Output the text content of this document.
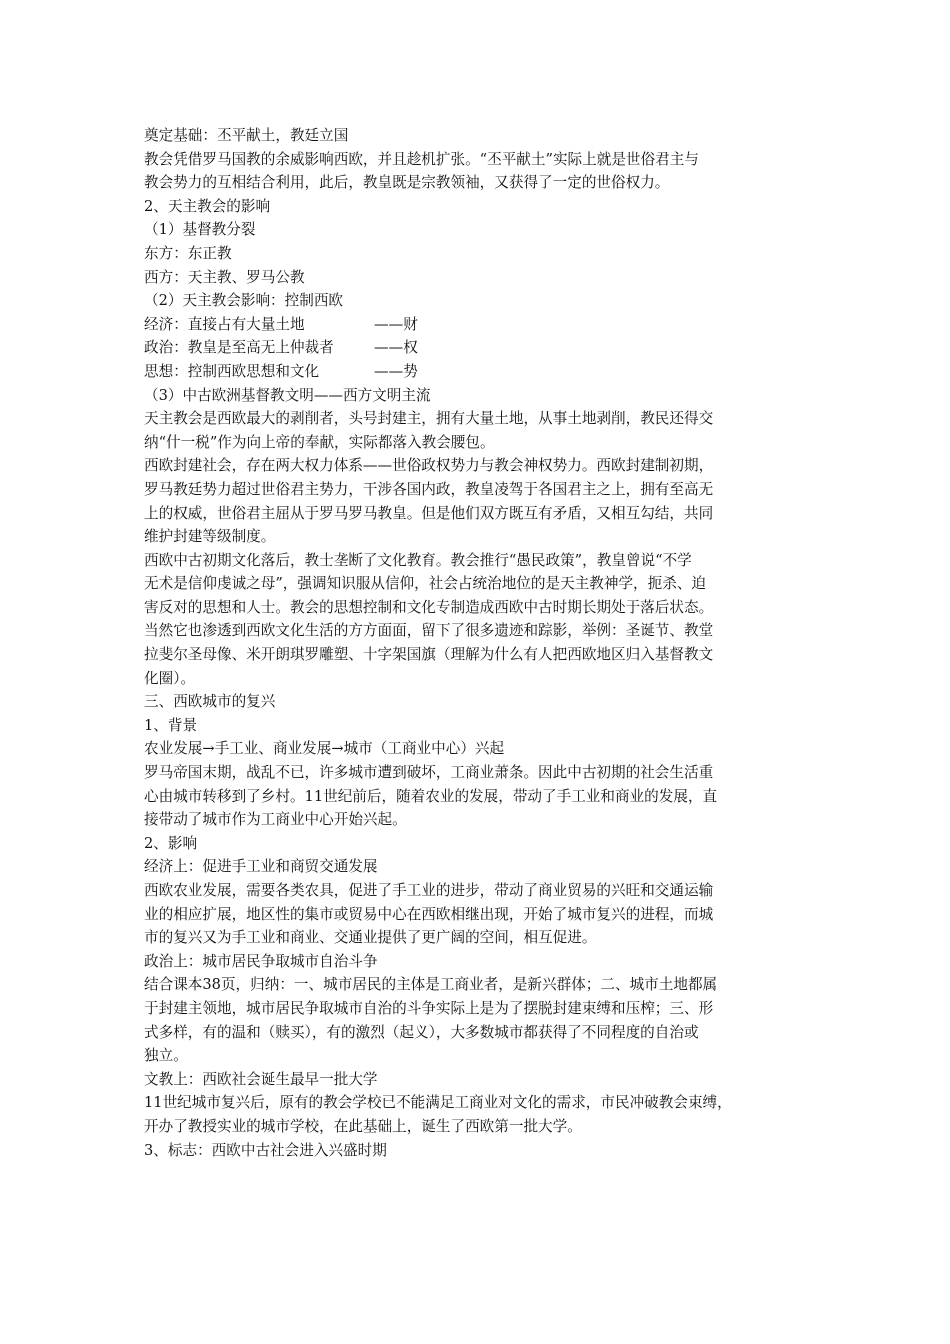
奠定基础：丕平献土，教廷立国

教会凭借罗马国教的余威影响西欧，并且趁机扩张。“丕平献土”实际上就是世俗君主与

教会势力的互相结合利用，此后，教皇既是宗教领袖，又获得了一定的世俗权力。

2、天主教会的影响

（1）基督教分裂

东方：东正教

西方：天主教、罗马公教

（2）天主教会影响：控制西欧

经济：直接占有大量土地	——财
政治：教皇是至高无上仲裁者	——权
思想：控制西欧思想和文化	——势

（3）中古欧洲基督教文明——西方文明主流

天主教会是西欧最大的剥削者，头号封建主，拥有大量土地，从事土地剥削，教民还得交

纳“什一税”作为向上帝的奉献，实际都落入教会腰包。

西欧封建社会，存在两大权力体系——世俗政权势力与教会神权势力。西欧封建制初期，

罗马教廷势力超过世俗君主势力，干涉各国内政，教皇凌驾于各国君主之上，拥有至高无

上的权威，世俗君主屈从于罗马罗马教皇。但是他们双方既互有矛盾，又相互勾结，共同

维护封建等级制度。

西欧中古初期文化落后，教士垄断了文化教育。教会推行“愚民政策”，教皇曾说“不学

无术是信仰虔诚之母”，强调知识服从信仰，社会占统治地位的是天主教神学，扼杀、迫

害反对的思想和人士。教会的思想控制和文化专制造成西欧中古时期长期处于落后状态。

当然它也渗透到西欧文化生活的方方面面，留下了很多遗迹和踪影，举例：圣诞节、教堂

拉斐尔圣母像、米开朗琪罗雕塑、十字架国旗（理解为什么有人把西欧地区归入基督教文

化圈）。

三、西欧城市的复兴

1、背景

农业发展→手工业、商业发展→城市（工商业中心）兴起

罗马帝国末期，战乱不已，许多城市遭到破坏，工商业萧条。因此中古初期的社会生活重

心由城市转移到了乡村。11世纪前后，随着农业的发展，带动了手工业和商业的发展，直

接带动了城市作为工商业中心开始兴起。

2、影响

经济上：促进手工业和商贸交通发展

西欧农业发展，需要各类农具，促进了手工业的进步，带动了商业贸易的兴旺和交通运输

业的相应扩展，地区性的集市或贸易中心在西欧相继出现，开始了城市复兴的进程，而城

市的复兴又为手工业和商业、交通业提供了更广阔的空间，相互促进。

政治上：城市居民争取城市自治斗争

结合课本38页，归纳：一、城市居民的主体是工商业者，是新兴群体；二、城市土地都属

于封建主领地，城市居民争取城市自治的斗争实际上是为了摆脱封建束缚和压榨；三、形

式多样，有的温和（赎买），有的激烈（起义），大多数城市都获得了不同程度的自治或

独立。

文教上：西欧社会诞生最早一批大学

11世纪城市复兴后，原有的教会学校已不能满足工商业对文化的需求，市民冲破教会束缚，

开办了教授实业的城市学校，在此基础上，诞生了西欧第一批大学。

3、标志：西欧中古社会进入兴盛时期
